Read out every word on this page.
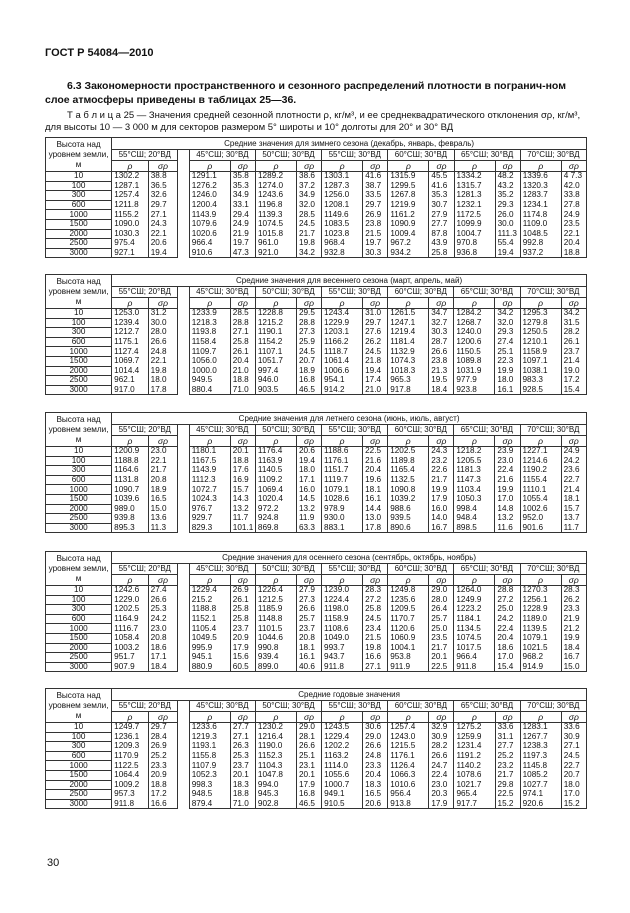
ГОСТ Р 54084—2010
6.3 Закономерности пространственного и сезонного распределений плотности в погранич-ном слое атмосферы приведены в таблицах 25—36.
Т а б л и ц а 25 — Значения средней сезонной плотности ρ, кг/м³, и ее среднеквадратического отклонения σρ, кг/м³, для высоты 10 — 3 000 м для секторов размером 5° широты и 10° долготы для 20° и 30° ВД
Высота над уровнем земли, м	Средние значения для зимнего сезона (декабрь, январь, февраль)														
	55°СШ; 20°ВД			45°СШ; 30°ВД		50°СШ; 30°ВД		55°СШ; 30°ВД		60°СШ; 30°ВД		65°СШ; 30°ВД		70°СШ; 30°ВД	
	ρ	σρ		ρ	σρ	ρ	σρ	ρ	σρ	ρ	σρ	ρ	σρ	ρ	σρ
10	1302.2	38.8		1291.1	35.8	1289.2	38.6	1303.1	41.6	1315.9	45.5	1334.2	48.2	1339.6	4 7.3
100	1287.1	36.5		1276.2	35.3	1274.0	37.2	1287.3	38.7	1299.5	41.6	1315.7	43.2	1320.3	42.0
300	1257.4	32.6		1246.0	34.9	1243.6	34.9	1256.0	33.5	1267.8	35.3	1281.3	35.2	1283.7	33.8
600	1211.8	29.7		1200.4	33.1	1196.8	32.0	1208.1	29.7	1219.9	30.7	1232.1	29.3	1234.1	27.8
1000	1155.2	27.1		1143.9	29.4	1139.3	28.5	1149.6	26.9	1161.2	27.9	1172.5	26.0	1174.8	24.9
1500	1090.0	24.3		1079.6	24.9	1074.5	24.5	1083.5	23.8	1090.9	27.7	1099.9	30.0	1109.0	23.5
2000	1030.3	22.1		1020.6	21.9	1015.8	21.7	1023.8	21.5	1009.4	87.8	1004.7	111.3	1048.5	22.1
2500	975.4	20.6		966.4	19.7	961.0	19.8	968.4	19.7	967.2	43.9	970.8	55.4	992.8	20.4
3000	927.1	19.4		910.6	47.3	921.0	34.2	932.8	30.3	934.2	25.8	936.8	19.4	937.2	18.8
Высота над уровнем земли, м	Средние значения для весеннего сезона (март, апрель, май)														
	55°СШ; 20°ВД			45°СШ; 30°ВД		50°СШ; 30°ВД		55°СШ; 30°ВД		60°СШ; 30°ВД		65°СШ; 30°ВД		70°СШ; 30°ВД	
	ρ	σρ		ρ	σρ	ρ	σρ	ρ	σρ	ρ	σρ	ρ	σρ	ρ	σρ
10	1253.0	31.2		1233.9	28.5	1228.8	29.5	1243.4	31.0	1261.5	34.7	1284.2	34.2	1295.3	34.2
100	1239.4	30.0		1218.3	28.8	1215.2	28.8	1229.9	29.7	1247.1	32.7	1268.7	32.0	1279.8	31.5
300	1212.7	28.0		1193.8	27.1	1190.1	27.3	1203.1	27.6	1219.4	30.3	1240.0	29.3	1250.5	28.2
600	1175.1	26.6		1158.4	25.8	1154.2	25.9	1166.2	26.2	1181.4	28.7	1200.6	27.4	1210.1	26.1
1000	1127.4	24.8		1109.7	26.1	1107.1	24.5	1118.7	24.5	1132.9	26.6	1150.5	25.1	1158.9	23.7
1500	1069.7	22.1		1056.0	20.4	1051.7	20.7	1061.4	21.8	1074.3	23.8	1089.8	22.3	1097.1	21.4
2000	1014.4	19.8		1000.0	21.0	997.4	18.9	1006.6	19.4	1018.3	21.3	1031.9	19.9	1038.1	19.0
2500	962.1	18.0		949.5	18.8	946.0	16.8	954.1	17.4	965.3	19.5	977.9	18.0	983.3	17.2
3000	917.0	17.8		880.4	71.0	903.5	46.5	914.2	21.0	917.8	18.4	923.8	16.1	928.5	15.4
Высота над уровнем земли, м	Средние значения для летнего сезона (июнь, июль, август)														
	55°СШ; 20°ВД			45°СШ; 30°ВД		50°СШ; 30°ВД		55°СШ; 30°ВД		60°СШ; 30°ВД		65°СШ; 30°ВД		70°СШ; 30°ВД	
	ρ	σρ		ρ	σρ	ρ	σρ	ρ	σρ	ρ	σρ	ρ	σρ	ρ	σρ
10	1200.9	23.0		1180.1	20.1	1176.4	20.6	1188.6	22.5	1202.5	24.3	1218.2	23.9	1227.1	24.9
100	1188.8	22.1		1167.5	18.8	1163.9	19.4	1176.1	21.6	1189.8	23.2	1205.5	23.0	1214.6	24.2
300	1164.6	21.7		1143.9	17.6	1140.5	18.0	1151.7	20.4	1165.4	22.6	1181.3	22.4	1190.2	23.6
600	1131.8	20.8		1112.3	16.9	1109.2	17.1	1119.7	19.6	1132.5	21.7	1147.3	21.6	1155.4	22.7
1000	1090.7	18.9		1072.7	15.7	1069.4	16.0	1079.1	18.1	1090.8	19.9	1103.4	19.9	1110.1	21.4
1500	1039.6	16.5		1024.3	14.3	1020.4	14.5	1028.6	16.1	1039.2	17.9	1050.3	17.0	1055.4	18.1
2000	989.0	15.0		976.7	13.2	972.2	13.2	978.9	14.4	988.6	16.0	998.4	14.8	1002.6	15.7
2500	939.8	13.6		929.7	11.7	924.8	11.9	930.0	13.0	939.5	14.0	948.4	13.2	952.0	13.7
3000	895.3	11.3		829.3	101.1	869.8	63.3	883.1	17.8	890.6	16.7	898.5	11.6	901.6	11.7
Высота над уровнем земли, м	Средние значения для осеннего сезона (сентябрь, октябрь, ноябрь)														
	55°СШ; 20°ВД			45°СШ; 30°ВД		50°СШ; 30°ВД		55°СШ; 30°ВД		60°СШ; 30°ВД		65°СШ; 30°ВД		70°СШ; 30°ВД	
	ρ	σρ		ρ	σρ	ρ	σρ	ρ	σρ	ρ	σρ	ρ	σρ	ρ	σρ
10	1242.6	27.4		1229.4	26.9	1226.4	27.9	1239.0	28.3	1249.8	29.0	1264.0	28.8	1270.3	28.3
100	1229.0	26.6		215.2	26.1	1212.5	27.3	1224.4	27.2	1235.6	28.0	1249.9	27.2	1256.1	26.2
300	1202.5	25.3		1188.8	25.8	1185.9	26.6	1198.0	25.8	1209.5	26.4	1223.2	25.0	1228.9	23.3
600	1164.9	24.2		1152.1	25.8	1148.8	25.7	1158.9	24.5	1170.7	25.7	1184.1	24.2	1189.0	21.9
1000	1116.7	23.0		1105.4	23.7	1101.5	23.7	1108.6	23.4	1120.6	25.0	1134.5	22.4	1139.5	21.2
1500	1058.4	20.8		1049.5	20.9	1044.6	20.8	1049.0	21.5	1060.9	23.5	1074.5	20.4	1079.1	19.9
2000	1003.2	18.6		995.9	17.9	990.8	18.1	993.7	19.8	1004.1	21.7	1017.5	18.6	1021.5	18.4
2500	951.7	17.1		945.1	15.6	939.4	16.1	943.7	16.6	953.8	20.1	966.4	17.0	968.2	16.7
3000	907.9	18.4		880.9	60.5	899.0	40.6	911.8	27.1	911.9	22.5	911.8	15.4	914.9	15.0
Высота над уровнем земли, м	Средние годовые значения														
	55°СШ; 20°ВД			45°СШ; 30°ВД		50°СШ; 30°ВД		55°СШ; 30°ВД		60°СШ; 30°ВД		65°СШ; 30°ВД		70°СШ; 30°ВД	
	ρ	σρ		ρ	σρ	ρ	σρ	ρ	σρ	ρ	σρ	ρ	σρ	ρ	σρ
10	1249.7	29.7		1233.6	27.7	1230.2	29.0	1243.5	30.6	1257.4	32.9	1275.2	33.6	1283.1	33.6
100	1236.1	28.4		1219.3	27.1	1216.4	28.1	1229.4	29.0	1243.0	30.9	1259.9	31.1	1267.7	30.9
300	1209.3	26.9		1193.1	26.3	1190.0	26.6	1202.2	26.6	1215.5	28.2	1231.4	27.7	1238.3	27.1
600	1170.9	25.2		1155.8	25.3	1152.3	25.1	1163.2	24.8	1176.1	26.6	1191.2	25.2	1197.3	24.5
1000	1122.5	23.3		1107.9	23.7	1104.3	23.1	1114.0	23.3	1126.4	24.7	1140.2	23.2	1145.8	22.7
1500	1064.4	20.9		1052.3	20.1	1047.8	20.1	1055.6	20.4	1066.3	22.4	1078.6	21.7	1085.2	20.7
2000	1009.2	18.8		998.3	18.3	994.0	17.9	1000.7	18.3	1010.6	23.0	1021.7	29.8	1027.7	18.0
2500	957.3	17.2		948.5	18.8	945.3	16.8	949.1	16.5	956.4	20.3	965.4	22.5	974.1	17.0
3000	911.8	16.6		879.4	71.0	902.8	46.5	910.5	20.6	913.8	17.9	917.7	15.2	920.6	15.2
30
